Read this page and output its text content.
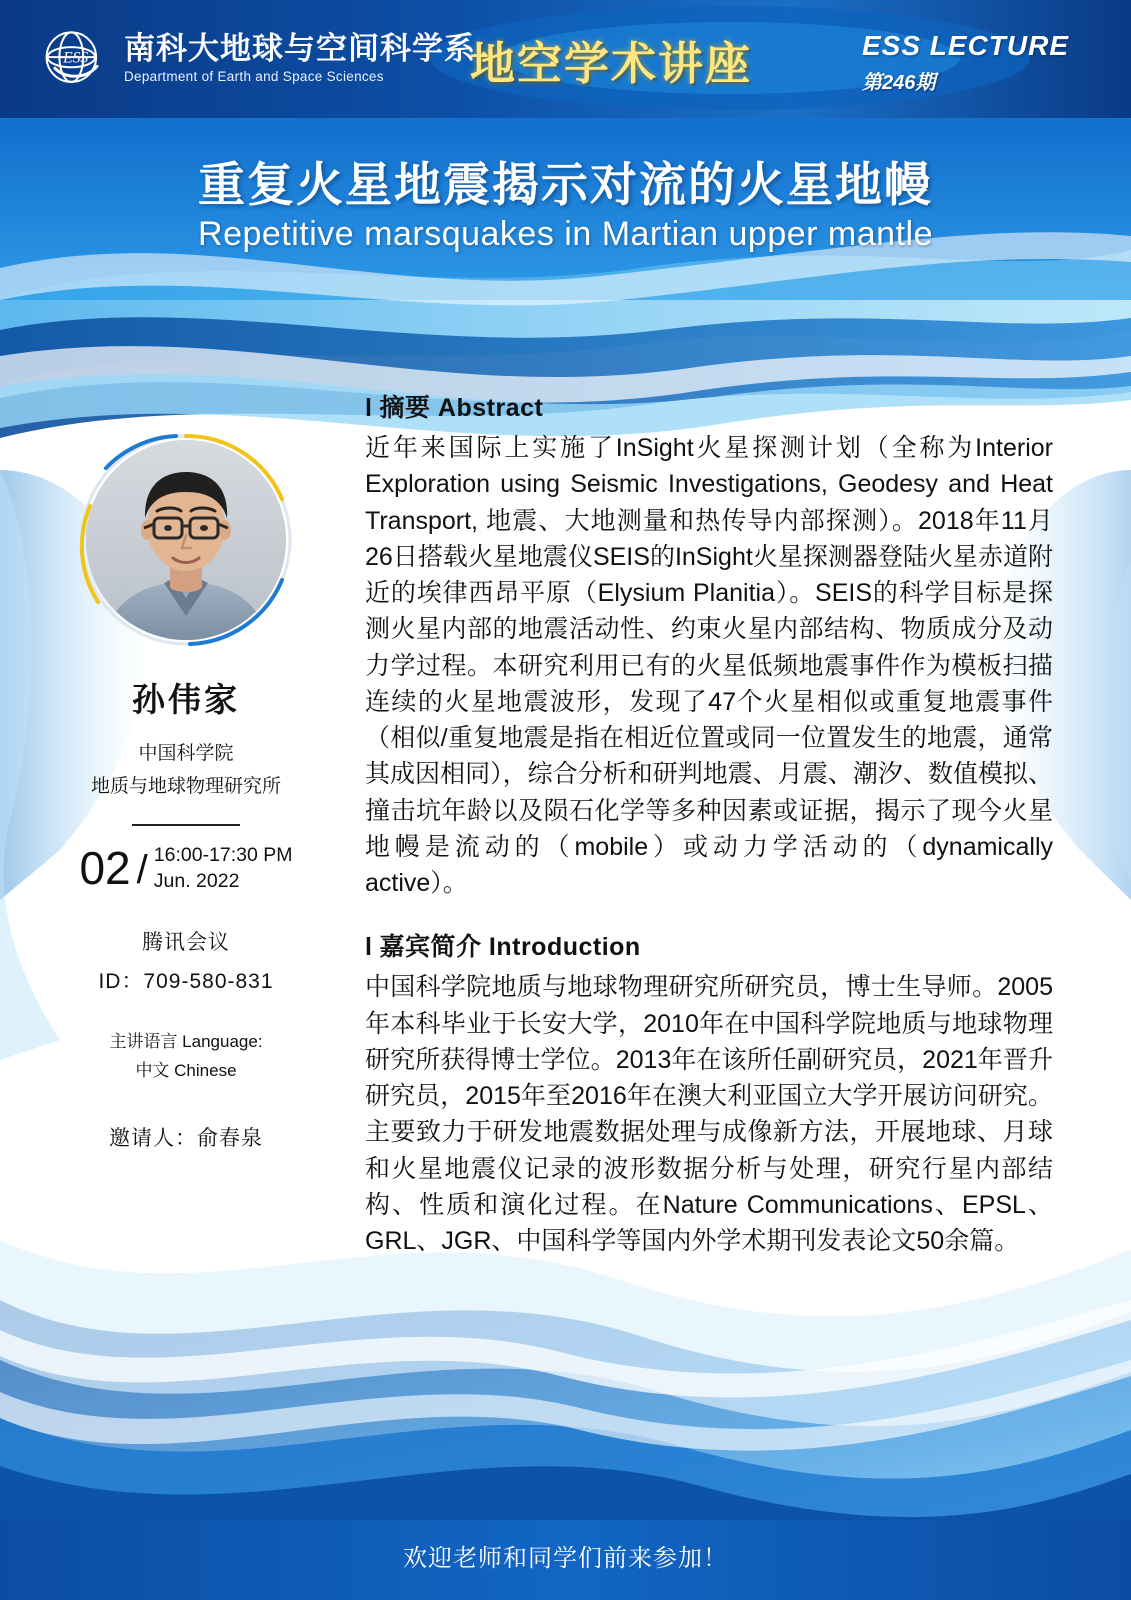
ESS 南科大地球与空间科学系
Department of Earth and Space Sciences	地空学术讲座	ESS LECTURE
第246期
重复火星地震揭示对流的火星地幔
Repetitive marsquakes in Martian upper mantle
孙伟家
中国科学院
地质与地球物理研究所
02 / 16:00-17:30 PM
Jun. 2022
腾讯会议
ID：709-580-831
主讲语言 Language:
中文 Chinese
邀请人：俞春泉
l 摘要 Abstract
近年来国际上实施了InSight火星探测计划（全称为Interior Exploration using Seismic Investigations, Geodesy and Heat Transport, 地震、大地测量和热传导内部探测）。2018年11月26日搭载火星地震仪SEIS的InSight火星探测器登陆火星赤道附近的埃律西昂平原（Elysium Planitia）。SEIS的科学目标是探测火星内部的地震活动性、约束火星内部结构、物质成分及动力学过程。本研究利用已有的火星低频地震事件作为模板扫描连续的火星地震波形，发现了47个火星相似或重复地震事件（相似/重复地震是指在相近位置或同一位置发生的地震，通常其成因相同），综合分析和研判地震、月震、潮汐、数值模拟、撞击坑年龄以及陨石化学等多种因素或证据，揭示了现今火星地幔是流动的（mobile）或动力学活动的（dynamically active）。
l 嘉宾简介 Introduction
中国科学院地质与地球物理研究所研究员，博士生导师。2005年本科毕业于长安大学，2010年在中国科学院地质与地球物理研究所获得博士学位。2013年在该所任副研究员，2021年晋升研究员，2015年至2016年在澳大利亚国立大学开展访问研究。主要致力于研发地震数据处理与成像新方法，开展地球、月球和火星地震仪记录的波形数据分析与处理，研究行星内部结构、性质和演化过程。在Nature Communications、EPSL、GRL、JGR、中国科学等国内外学术期刊发表论文50余篇。
欢迎老师和同学们前来参加！
